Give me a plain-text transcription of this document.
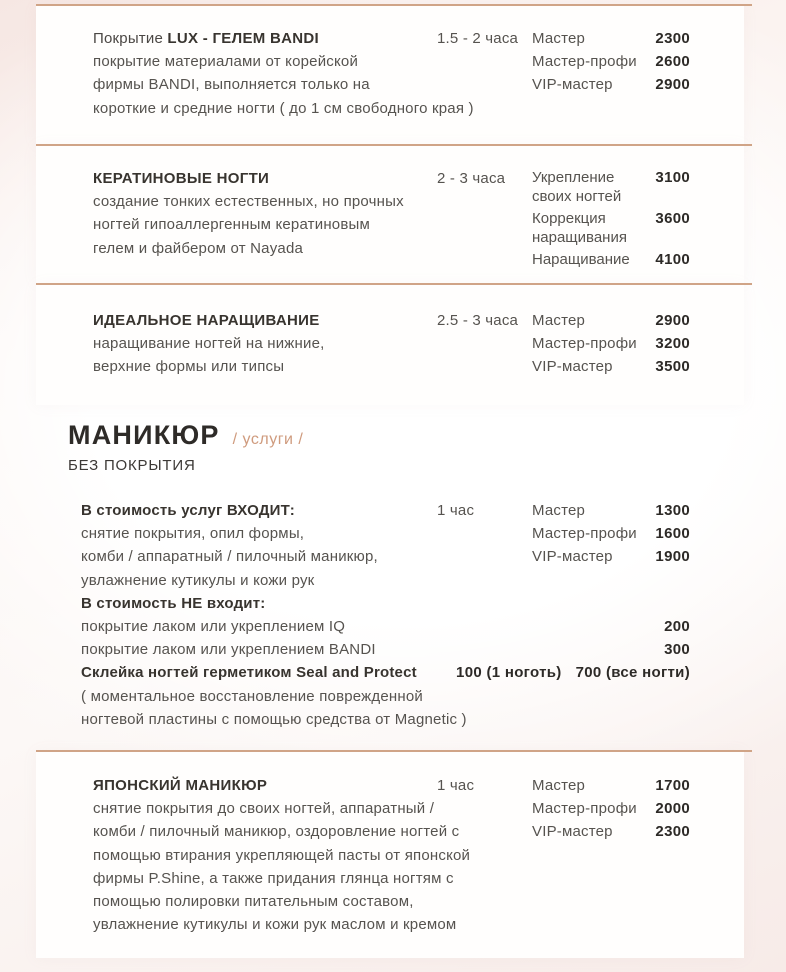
Покрытие LUX - ГЕЛЕМ BANDI
покрытие материалами от корейской
фирмы BANDI, выполняется только на
короткие и средние ногти ( до 1 см свободного края )
1.5 - 2 часа Мастер	2300
Мастер-профи 2600
VIP-мастер	2900
КЕРАТИНОВЫЕ НОГТИ
создание тонких естественных, но прочных
ногтей гипоаллергенным кератиновым
гелем и файбером от Nayada
2 - 3 часа	Укрепление
своих ногтей
3100
Коррекция
наращивания
3600
Наращивание 4100
ИДЕАЛЬНОЕ НАРАЩИВАНИЕ
наращивание ногтей на нижние,
верхние формы или типсы
2.5 - 3 часа Мастер	2900
Мастер-профи 3200
VIP-мастер	3500
МАНИКЮР / услуги /
БЕЗ ПОКРЫТИЯ
В стоимость услуг ВХОДИТ:	1 час	Мастер	1300
снятие покрытия, опил формы,	Мастер-профи 1600
комби / аппаратный / пилочный маникюр,	VIP-мастер	1900
увлажнение кутикулы и кожи рук
В стоимость НЕ входит:
покрытие лаком или укреплением IQ	200
покрытие лаком или укреплением BANDI	300
Склейка ногтей герметиком Seal and Protect	100 (1 ноготь) 700 (все ногти)
( момент​альное восстановление поврежденной
ногтевой пластины с помощью средства от Magnetic )
ЯПОНСКИЙ МАНИКЮР
снятие покрытия до своих ногтей, аппаратный /
комби / пилочный маникюр, оздоровление ногтей с
помощью втирания укрепляющей пасты от японской
фирмы P.Shine, а также придания глянца ногтям с
помощью полировки питательным составом,
увлажнение кутикулы и кожи рук маслом и кремом
1 час	Мастер	1700
Мастер-профи 2000
VIP-мастер	2300
